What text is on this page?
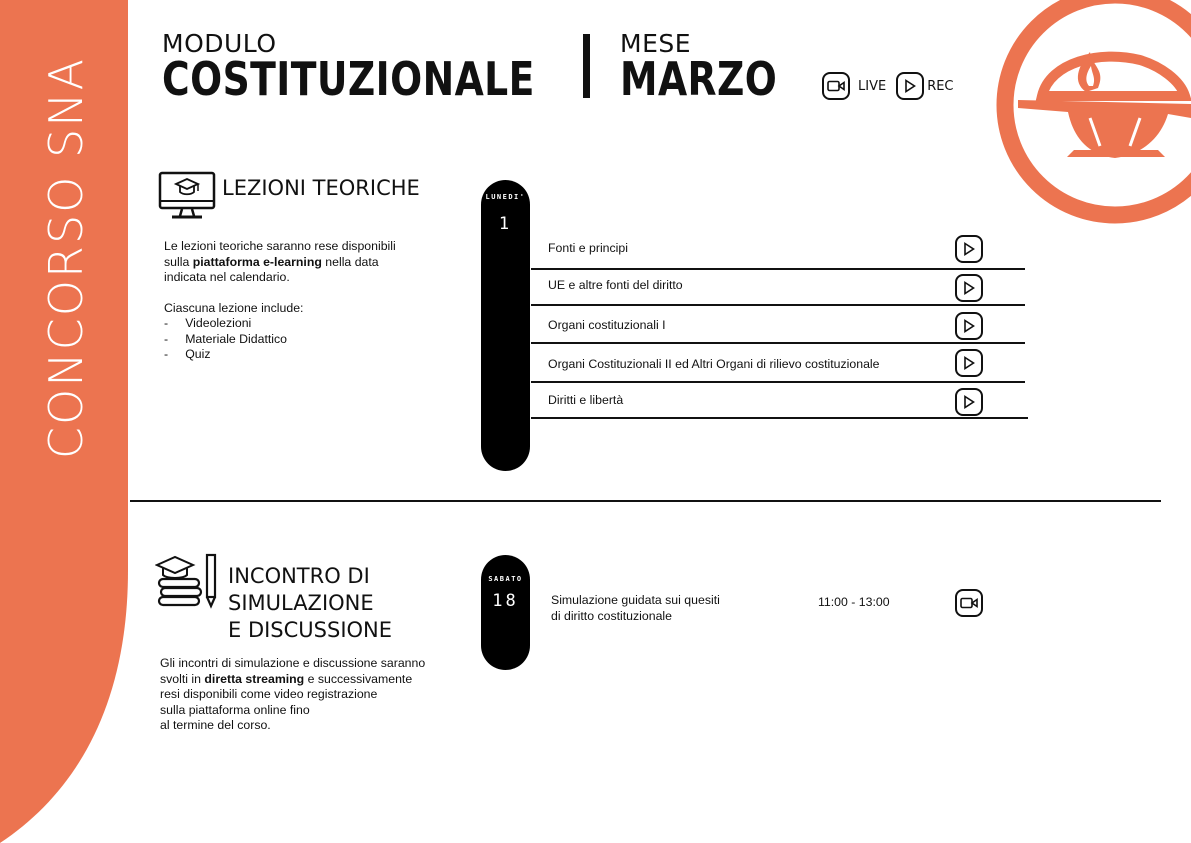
CONCORSO SNA
MODULO
COSTITUZIONALE
MESE
MARZO	LIVE	REC
LEZIONI TEORICHE
Le lezioni teoriche saranno rese disponibili
sulla piattaforma e-learning nella data
indicata nel calendario.
Ciascuna lezione include:
-     Videolezioni
-     Materiale Didattico
-     Quiz
LUNEDI'
1
Fonti e principi
UE e altre fonti del diritto
Organi costituzionali I
Organi Costituzionali II ed Altri Organi di rilievo costituzionale
Diritti e libertà
INCONTRO DI
SIMULAZIONE
E DISCUSSIONE
Gli incontri di simulazione e discussione saranno
svolti in diretta streaming e successivamente
resi disponibili come video registrazione
sulla piattaforma online fino
al termine del corso.
SABATO
18	Simulazione guidata sui quesiti
di diritto costituzionale
11:00 - 13:00
